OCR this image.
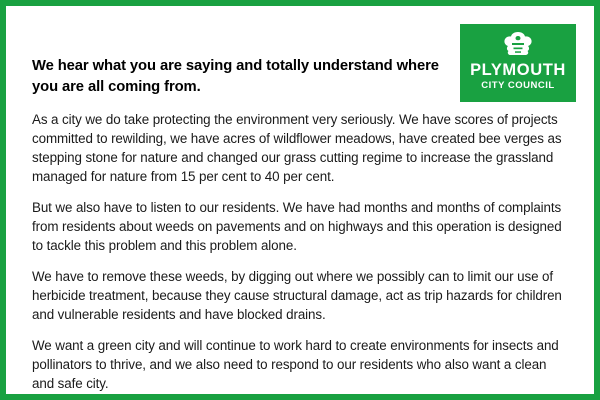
PLYMOUTH
CITY COUNCIL
We hear what you are saying and totally understand where you are all coming from.

As a city we do take protecting the environment very seriously. We have scores of projects committed to rewilding, we have acres of wildflower meadows, have created bee verges as stepping stone for nature and changed our grass cutting regime to increase the grassland managed for nature from 15 per cent to 40 per cent.

But we also have to listen to our residents. We have had months and months of complaints from residents about weeds on pavements and on highways and this operation is designed to tackle this problem and this problem alone.

We have to remove these weeds, by digging out where we possibly can to limit our use of herbicide treatment, because they cause structural damage, act as trip hazards for children and vulnerable residents and have blocked drains.

We want a green city and will continue to work hard to create environments for insects and pollinators to thrive, and we also need to respond to our residents who also want a clean and safe city.
